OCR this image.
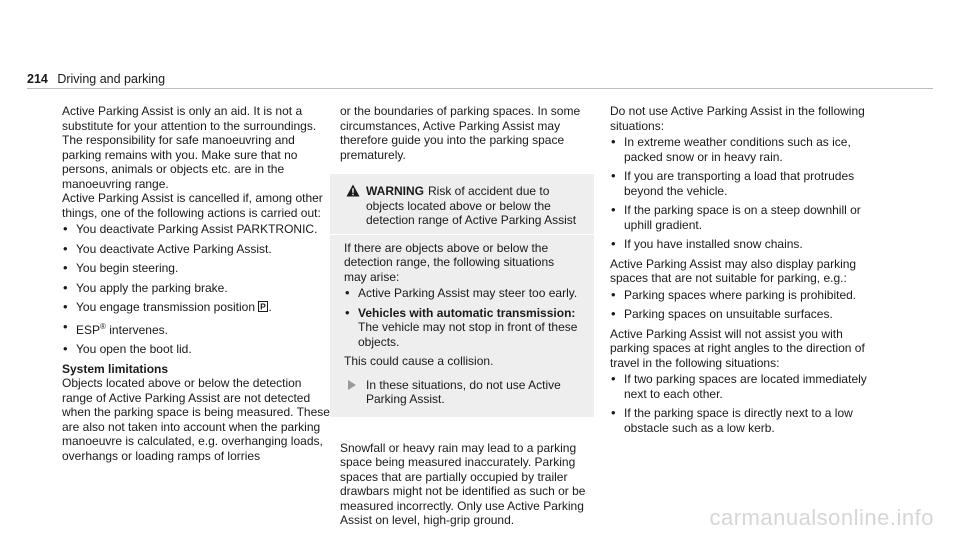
214 Driving and parking

Active Parking Assist is only an aid. It is not a substitute for your attention to the surroundings. The responsibility for safe manoeuvring and parking remains with you. Make sure that no persons, animals or objects etc. are in the manoeuvring range.

Active Parking Assist is cancelled if, among other things, one of the following actions is carried out:

• You deactivate Parking Assist PARKTRONIC.
• You deactivate Active Parking Assist.
• You begin steering.
• You apply the parking brake.
• You engage transmission position P .
• ESP® intervenes.
• You open the boot lid.

System limitations

Objects located above or below the detection range of Active Parking Assist are not detected when the parking space is being measured. These are also not taken into account when the parking manoeuvre is calculated, e.g. overhanging loads, overhangs or loading ramps of lorries

or the boundaries of parking spaces. In some circumstances, Active Parking Assist may therefore guide you into the parking space prematurely.

WARNING Risk of accident due to objects located above or below the detection range of Active Parking Assist

If there are objects above or below the detection range, the following situations may arise:

• Active Parking Assist may steer too early.
• Vehicles with automatic transmission: The vehicle may not stop in front of these objects.

This could cause a collision.

In these situations, do not use Active Parking Assist.

Snowfall or heavy rain may lead to a parking space being measured inaccurately. Parking spaces that are partially occupied by trailer drawbars might not be identified as such or be measured incorrectly. Only use Active Parking Assist on level, high-grip ground.

Do not use Active Parking Assist in the following situations:

• In extreme weather conditions such as ice, packed snow or in heavy rain.
• If you are transporting a load that protrudes beyond the vehicle.
• If the parking space is on a steep downhill or uphill gradient.
• If you have installed snow chains.

Active Parking Assist may also display parking spaces that are not suitable for parking, e.g.:

• Parking spaces where parking is prohibited.
• Parking spaces on unsuitable surfaces.

Active Parking Assist will not assist you with parking spaces at right angles to the direction of travel in the following situations:

• If two parking spaces are located immediately next to each other.
• If the parking space is directly next to a low obstacle such as a low kerb.
carmanualsonline.info
